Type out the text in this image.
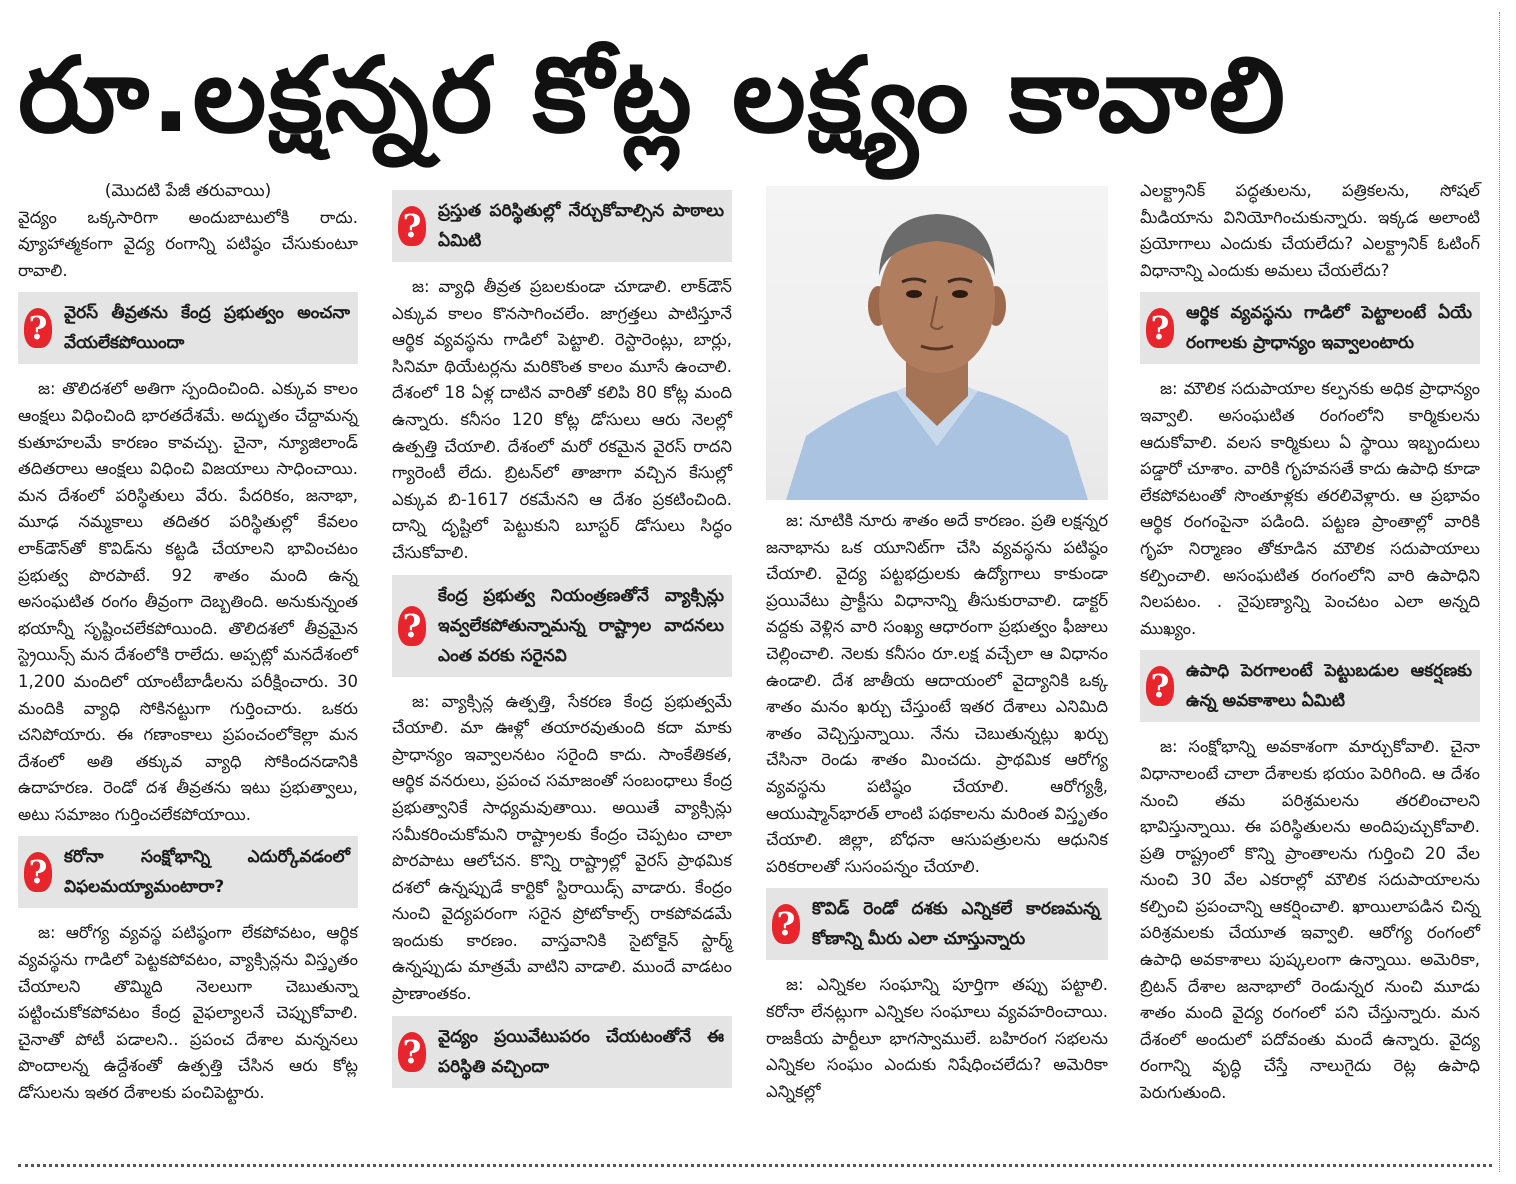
రూ.లక్షన్నర కోట్ల లక్ష్యం కావాలి

(మొదటి పేజీ తరువాయి)

వైద్యం ఒక్కసారిగా అందుబాటులోకి రాదు. వ్యూహాత్మకంగా వైద్య రంగాన్ని పటిష్ఠం చేసుకుంటూ రావాలి.

? వైరస్‌ తీవ్రతను కేంద్ర ప్రభుత్వం అంచనా వేయలేకపోయిందా

జ: తొలిదశలో అతిగా స్పందించింది. ఎక్కువ కాలం ఆంక్షలు విధించింది భారతదేశమే. అద్భుతం చేద్దామన్న కుతూహలమే కారణం కావచ్చు. చైనా, న్యూజిలాండ్‌ తదితరాలు ఆంక్షలు విధించి విజయాలు సాధించాయి. మన దేశంలో పరిస్థితులు వేరు. పేదరికం, జనాభా, మూఢ నమ్మకాలు తదితర పరిస్థితుల్లో కేవలం లాక్‌డౌన్‌తో కొవిడ్‌ను కట్టడి చేయాలని భావించటం ప్రభుత్వ పొరపాటే. 92 శాతం మంది ఉన్న అసంఘటిత రంగం తీవ్రంగా దెబ్బతింది. అనుకున్నంత భయాన్నీ సృష్టించలేకపోయింది. తొలిదశలో తీవ్రమైన స్ట్రెయిన్స్‌ మన దేశంలోకి రాలేదు. అప్పట్లో మనదేశంలో 1,200 మందిలో యాంటీబాడీలను పరీక్షించారు. 30 మందికి వ్యాధి సోకినట్టుగా గుర్తించారు. ఒకరు చనిపోయారు. ఈ గణాంకాలు ప్రపంచంలోకెల్లా మన దేశంలో అతి తక్కువ వ్యాధి సోకిందనడానికి ఉదాహరణ. రెండో దశ తీవ్రతను ఇటు ప్రభుత్వాలు, అటు సమాజం గుర్తించలేకపోయాయి.

? కరోనా సంక్షోభాన్ని ఎదుర్కోవడంలో విఫలమయ్యామంటారా?

జ: ఆరోగ్య వ్యవస్థ పటిష్ఠంగా లేకపోవటం, ఆర్థిక వ్యవస్థను గాడిలో పెట్టకపోవటం, వ్యాక్సిన్లను విస్తృతం చేయాలని తొమ్మిది నెలలుగా చెబుతున్నా పట్టించుకోకపోవటం కేంద్ర వైఫల్యాలనే చెప్పుకోవాలి. చైనాతో పోటీ పడాలని.. ప్రపంచ దేశాల మన్ననలు పొందాలన్న ఉద్దేశంతో ఉత్పత్తి చేసిన ఆరు కోట్ల డోసులను ఇతర దేశాలకు పంచిపెట్టారు.

? ప్రస్తుత పరిస్థితుల్లో నేర్చుకోవాల్సిన పాఠాలు ఏమిటి

జ: వ్యాధి తీవ్రత ప్రబలకుండా చూడాలి. లాక్‌డౌన్‌ ఎక్కువ కాలం కొనసాగించలేం. జాగ్రత్తలు పాటిస్తూనే ఆర్థిక వ్యవస్థను గాడిలో పెట్టాలి. రెస్టారెంట్లు, బార్లు, సినిమా థియేటర్లను మరికొంత కాలం మూసే ఉంచాలి. దేశంలో 18 ఏళ్ల దాటిన వారితో కలిపి 80 కోట్ల మంది ఉన్నారు. కనీసం 120 కోట్ల డోసులు ఆరు నెలల్లో ఉత్పత్తి చేయాలి. దేశంలో మరో రకమైన వైరస్‌ రాదని గ్యారెంటీ లేదు. బ్రిటన్‌లో తాజాగా వచ్చిన కేసుల్లో ఎక్కువ బి-1617 రకమేనని ఆ దేశం ప్రకటించింది. దాన్ని దృష్టిలో పెట్టుకుని బూస్టర్‌ డోసులు సిద్ధం చేసుకోవాలి.

?
కేంద్ర ప్రభుత్వ నియంత్రణతోనే వ్యాక్సిన్లు ఇవ్వలేకపోతున్నామన్న రాష్ట్రాల వాదనలు ఎంత వరకు సరైనవి

జ: వ్యాక్సిన్ల ఉత్పత్తి, సేకరణ కేంద్ర ప్రభుత్వమే చేయాలి. మా ఊళ్లో తయారవుతుంది కదా మాకు ప్రాధాన్యం ఇవ్వాలనటం సరైంది కాదు. సాంకేతికత, ఆర్థిక వనరులు, ప్రపంచ సమాజంతో సంబంధాలు కేంద్ర ప్రభుత్వానికే సాధ్యమవుతాయి. అయితే వ్యాక్సిన్లు సమీకరించుకోమని రాష్ట్రాలకు కేంద్రం చెప్పటం చాలా పొరపాటు ఆలోచన. కొన్ని రాష్ట్రాల్లో వైరస్‌ ప్రాథమిక దశలో ఉన్నప్పుడే కార్టికో స్టిరాయిడ్స్‌ వాడారు. కేంద్రం నుంచి వైద్యపరంగా సరైన ప్రోటోకాల్స్‌ రాకపోవడమే ఇందుకు కారణం. వాస్తవానికి సైటోకైన్‌ స్టార్మ్‌ ఉన్నప్పుడు మాత్రమే వాటిని వాడాలి. ముందే వాడటం ప్రాణాంతకం.

? వైద్యం ప్రయివేటుపరం చేయటంతోనే ఈ పరిస్థితి వచ్చిందా

జ: నూటికి నూరు శాతం అదే కారణం. ప్రతి లక్షన్నర జనాభాను ఒక యూనిట్‌గా చేసి వ్యవస్థను పటిష్ఠం చేయాలి. వైద్య పట్టభద్రులకు ఉద్యోగాలు కాకుండా ప్రయివేటు ప్రాక్టీసు విధానాన్ని తీసుకురావాలి. డాక్టర్‌ వద్దకు వెళ్లిన వారి సంఖ్య ఆధారంగా ప్రభుత్వం ఫీజులు చెల్లించాలి. నెలకు కనీసం రూ.లక్ష వచ్చేలా ఆ విధానం ఉండాలి. దేశ జాతీయ ఆదాయంలో వైద్యానికి ఒక్క శాతం మనం ఖర్చు చేస్తుంటే ఇతర దేశాలు ఎనిమిది శాతం వెచ్చిస్తున్నాయి. నేను చెబుతున్నట్లు ఖర్చు చేసినా రెండు శాతం మించదు. ప్రాథమిక ఆరోగ్య వ్యవస్థను పటిష్ఠం చేయాలి. ఆరోగ్యశ్రీ, ఆయుష్మాన్‌భారత్‌ లాంటి పథకాలను మరింత విస్తృతం చేయాలి. జిల్లా, బోధనా ఆసుపత్రులను ఆధునిక పరికరాలతో సుసంపన్నం చేయాలి.

? కొవిడ్‌ రెండో దశకు ఎన్నికలే కారణమన్న కోణాన్ని మీరు ఎలా చూస్తున్నారు

జ: ఎన్నికల సంఘాన్ని పూర్తిగా తప్పు పట్టాలి. కరోనా లేనట్లుగా ఎన్నికల సంఘాలు వ్యవహరించాయి. రాజకీయ పార్టీలూ భాగస్వాములే. బహిరంగ సభలను ఎన్నికల సంఘం ఎందుకు నిషేధించలేదు? అమెరికా ఎన్నికల్లో

ఎలక్ట్రానిక్‌ పద్ధతులను, పత్రికలను, సోషల్‌ మీడియాను వినియోగించుకున్నారు. ఇక్కడ అలాంటి ప్రయోగాలు ఎందుకు చేయలేదు? ఎలక్ట్రానిక్‌ ఓటింగ్‌ విధానాన్ని ఎందుకు అమలు చేయలేదు?

? ఆర్థిక వ్యవస్థను గాడిలో పెట్టాలంటే ఏయే రంగాలకు ప్రాధాన్యం ఇవ్వాలంటారు

జ: మౌలిక సదుపాయాల కల్పనకు అధిక ప్రాధాన్యం ఇవ్వాలి. అసంఘటిత రంగంలోని కార్మికులను ఆదుకోవాలి. వలస కార్మికులు ఏ స్థాయి ఇబ్బందులు పడ్డారో చూశాం. వారికి గృహవసతే కాదు ఉపాధి కూడా లేకపోవటంతో సొంతూళ్లకు తరలివెళ్లారు. ఆ ప్రభావం ఆర్థిక రంగంపైనా పడింది. పట్టణ ప్రాంతాల్లో వారికి గృహ నిర్మాణం తోకూడిన మౌలిక సదుపాయాలు కల్పించాలి. అసంఘటిత రంగంలోని వారి ఉపాధిని నిలపటం. . నైపుణ్యాన్ని పెంచటం ఎలా అన్నది ముఖ్యం.

? ఉపాధి పెరగాలంటే పెట్టుబడుల ఆకర్షణకు ఉన్న అవకాశాలు ఏమిటి

జ: సంక్షోభాన్ని అవకాశంగా మార్చుకోవాలి. చైనా విధానాలంటే చాలా దేశాలకు భయం పెరిగింది. ఆ దేశం నుంచి తమ పరిశ్రమలను తరలించాలని భావిస్తున్నాయి. ఈ పరిస్థితులను అందిపుచ్చుకోవాలి. ప్రతి రాష్ట్రంలో కొన్ని ప్రాంతాలను గుర్తించి 20 వేల నుంచి 30 వేల ఎకరాల్లో మౌలిక సదుపాయాలను కల్పించి ప్రపంచాన్ని ఆకర్షించాలి. ఖాయిలాపడిన చిన్న పరిశ్రమలకు చేయూత ఇవ్వాలి. ఆరోగ్య రంగంలో ఉపాధి అవకాశాలు పుష్కలంగా ఉన్నాయి. అమెరికా, బ్రిటన్‌ దేశాల జనాభాలో రెండున్నర నుంచి మూడు శాతం మంది వైద్య రంగంలో పని చేస్తున్నారు. మన దేశంలో అందులో పదోవంతు మందే ఉన్నారు. వైద్య రంగాన్ని వృద్ధి చేస్తే నాలుగైదు రెట్ల ఉపాధి పెరుగుతుంది.
